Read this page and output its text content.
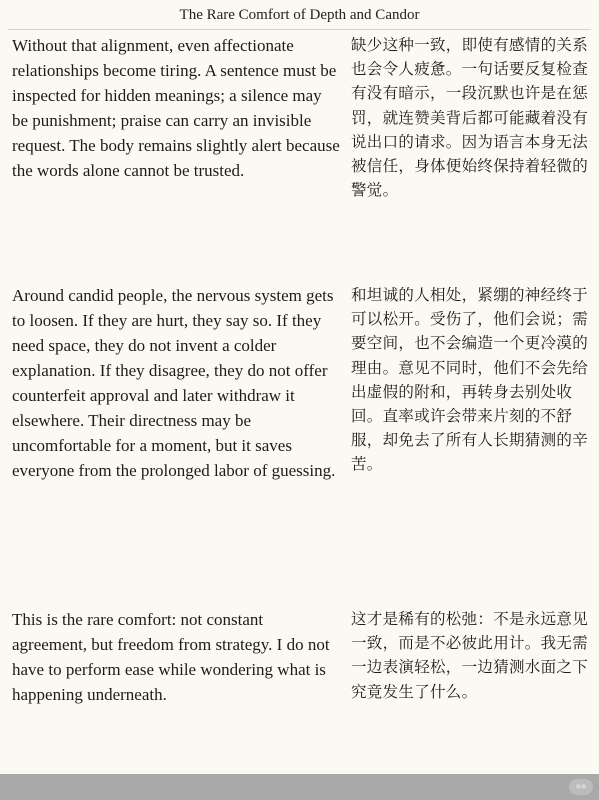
The Rare Comfort of Depth and Candor
Without that alignment, even affectionate relationships become tiring. A sentence must be inspected for hidden meanings; a silence may be punishment; praise can carry an invisible request. The body remains slightly alert because the words alone cannot be trusted.
缺少这种一致，即使有感情的关系也会令人疲惫。一句话要反复检查有没有暗示，一段沉默也许是在惩罚，就连赞美背后都可能藏着没有说出口的请求。因为语言本身无法被信任，身体便始终保持着轻微的警觉。
Around candid people, the nervous system gets to loosen. If they are hurt, they say so. If they need space, they do not invent a colder explanation. If they disagree, they do not offer counterfeit approval and later withdraw it elsewhere. Their directness may be uncomfortable for a moment, but it saves everyone from the prolonged labor of guessing.
和坦诚的人相处，紧绷的神经终于可以松开。受伤了，他们会说；需要空间，也不会编造一个更冷漠的理由。意见不同时，他们不会先给出虚假的附和，再转身去别处收回。直率或许会带来片刻的不舒服，却免去了所有人长期猜测的辛苦。
This is the rare comfort: not constant agreement, but freedom from strategy. I do not have to perform ease while wondering what is happening underneath.
这才是稀有的松弛：不是永远意见一致，而是不必彼此用计。我无需一边表演轻松，一边猜测水面之下究竟发生了什么。
●●
